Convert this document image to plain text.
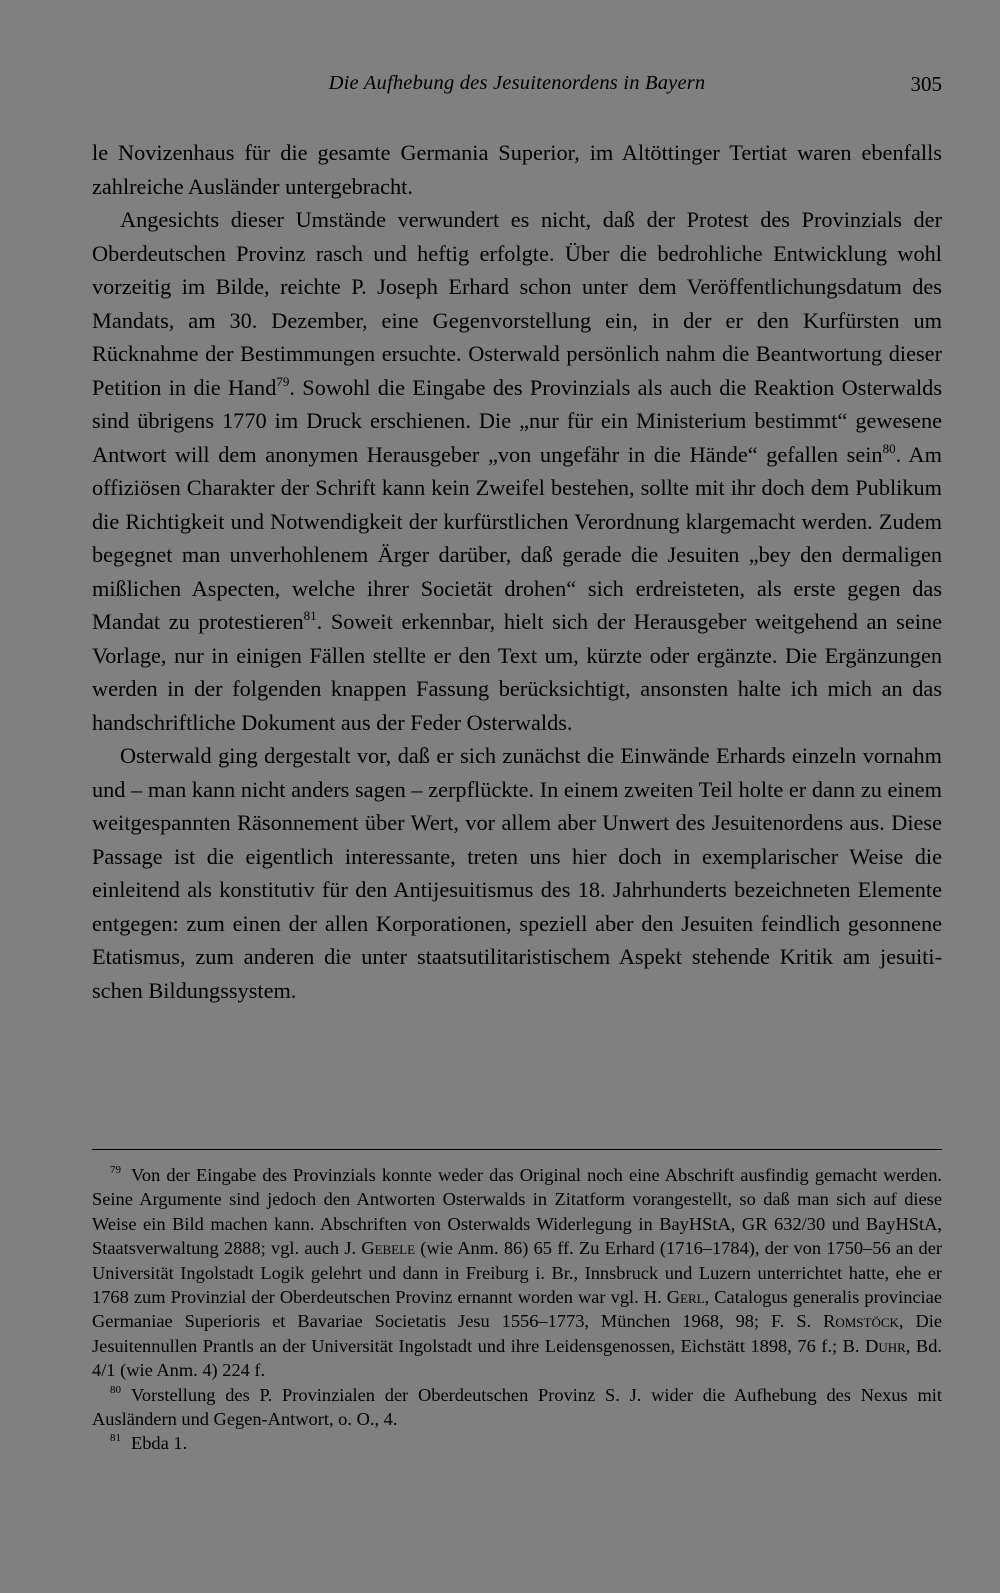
Die Aufhebung des Jesuitenordens in Bayern	305

le Novizenhaus für die gesamte Germania Superior, im Altöttinger Tertiat waren ebenfalls zahlreiche Ausländer untergebracht.

Angesichts dieser Umstände verwundert es nicht, daß der Protest des Provinzials der Oberdeutschen Provinz rasch und heftig erfolgte. Über die bedrohliche Entwicklung wohl vorzeitig im Bilde, reichte P. Joseph Erhard schon unter dem Veröffentlichungsdatum des Mandats, am 30. Dezember, eine Gegenvorstellung ein, in der er den Kurfürsten um Rücknahme der Bestimmungen ersuchte. Osterwald persönlich nahm die Beantwortung dieser Petition in die Hand$^{79}$. Sowohl die Eingabe des Provinzials als auch die Reaktion Osterwalds sind übrigens 1770 im Druck erschienen. Die „nur für ein Ministerium bestimmt“ gewesene Antwort will dem anonymen Herausgeber „von ungefähr in die Hände“ gefallen sein$^{80}$. Am offiziösen Charakter der Schrift kann kein Zweifel bestehen, sollte mit ihr doch dem Publikum die Richtigkeit und Notwendigkeit der kurfürstlichen Verordnung klargemacht werden. Zudem begegnet man unverhohlenem Ärger darüber, daß gerade die Jesuiten „bey den dermaligen mißlichen Aspecten, welche ihrer Societät drohen“ sich erdreisteten, als erste gegen das Mandat zu protestieren$^{81}$. Soweit erkennbar, hielt sich der Herausgeber weitgehend an seine Vorlage, nur in einigen Fällen stellte er den Text um, kürzte oder ergänzte. Die Ergänzungen werden in der folgenden knappen Fassung berücksichtigt, ansonsten halte ich mich an das handschriftliche Dokument aus der Feder Osterwalds.

Osterwald ging dergestalt vor, daß er sich zunächst die Einwände Erhards einzeln vornahm und – man kann nicht anders sagen – zerpflückte. In einem zweiten Teil holte er dann zu einem weitgespannten Räsonnement über Wert, vor allem aber Unwert des Jesuitenordens aus. Diese Passage ist die eigentlich interessante, treten uns hier doch in exemplarischer Weise die einleitend als konstitutiv für den Antijesuitismus des 18. Jahrhunderts bezeichneten Elemente entgegen: zum einen der allen Korporationen, speziell aber den Jesuiten feindlich gesonnene Etatismus, zum anderen die unter staatsutilitaristischem Aspekt stehende Kritik am jesuitischen Bildungssystem.

$^{79}$ Von der Eingabe des Provinzials konnte weder das Original noch eine Abschrift ausfindig gemacht werden. Seine Argumente sind jedoch den Antworten Osterwalds in Zitatform vorangestellt, so daß man sich auf diese Weise ein Bild machen kann. Abschriften von Osterwalds Widerlegung in BayHStA, GR 632/30 und BayHStA, Staatsverwaltung 2888; vgl. auch J. Gebele (wie Anm. 86) 65 ff. Zu Erhard (1716–1784), der von 1750–56 an der Universität Ingolstadt Logik gelehrt und dann in Freiburg i. Br., Innsbruck und Luzern unterrichtet hatte, ehe er 1768 zum Provinzial der Oberdeutschen Provinz ernannt worden war vgl. H. Gerl, Catalogus generalis provinciae Germaniae Superioris et Bavariae Societatis Jesu 1556–1773, München 1968, 98; F. S. Romstöck, Die Jesuitennullen Prantls an der Universität Ingolstadt und ihre Leidensgenossen, Eichstätt 1898, 76 f.; B. Duhr, Bd. 4/1 (wie Anm. 4) 224 f.
$^{80}$ Vorstellung des P. Provinzialen der Oberdeutschen Provinz S. J. wider die Aufhebung des Nexus mit Ausländern und Gegen-Antwort, o. O., 4.
$^{81}$ Ebda 1.
